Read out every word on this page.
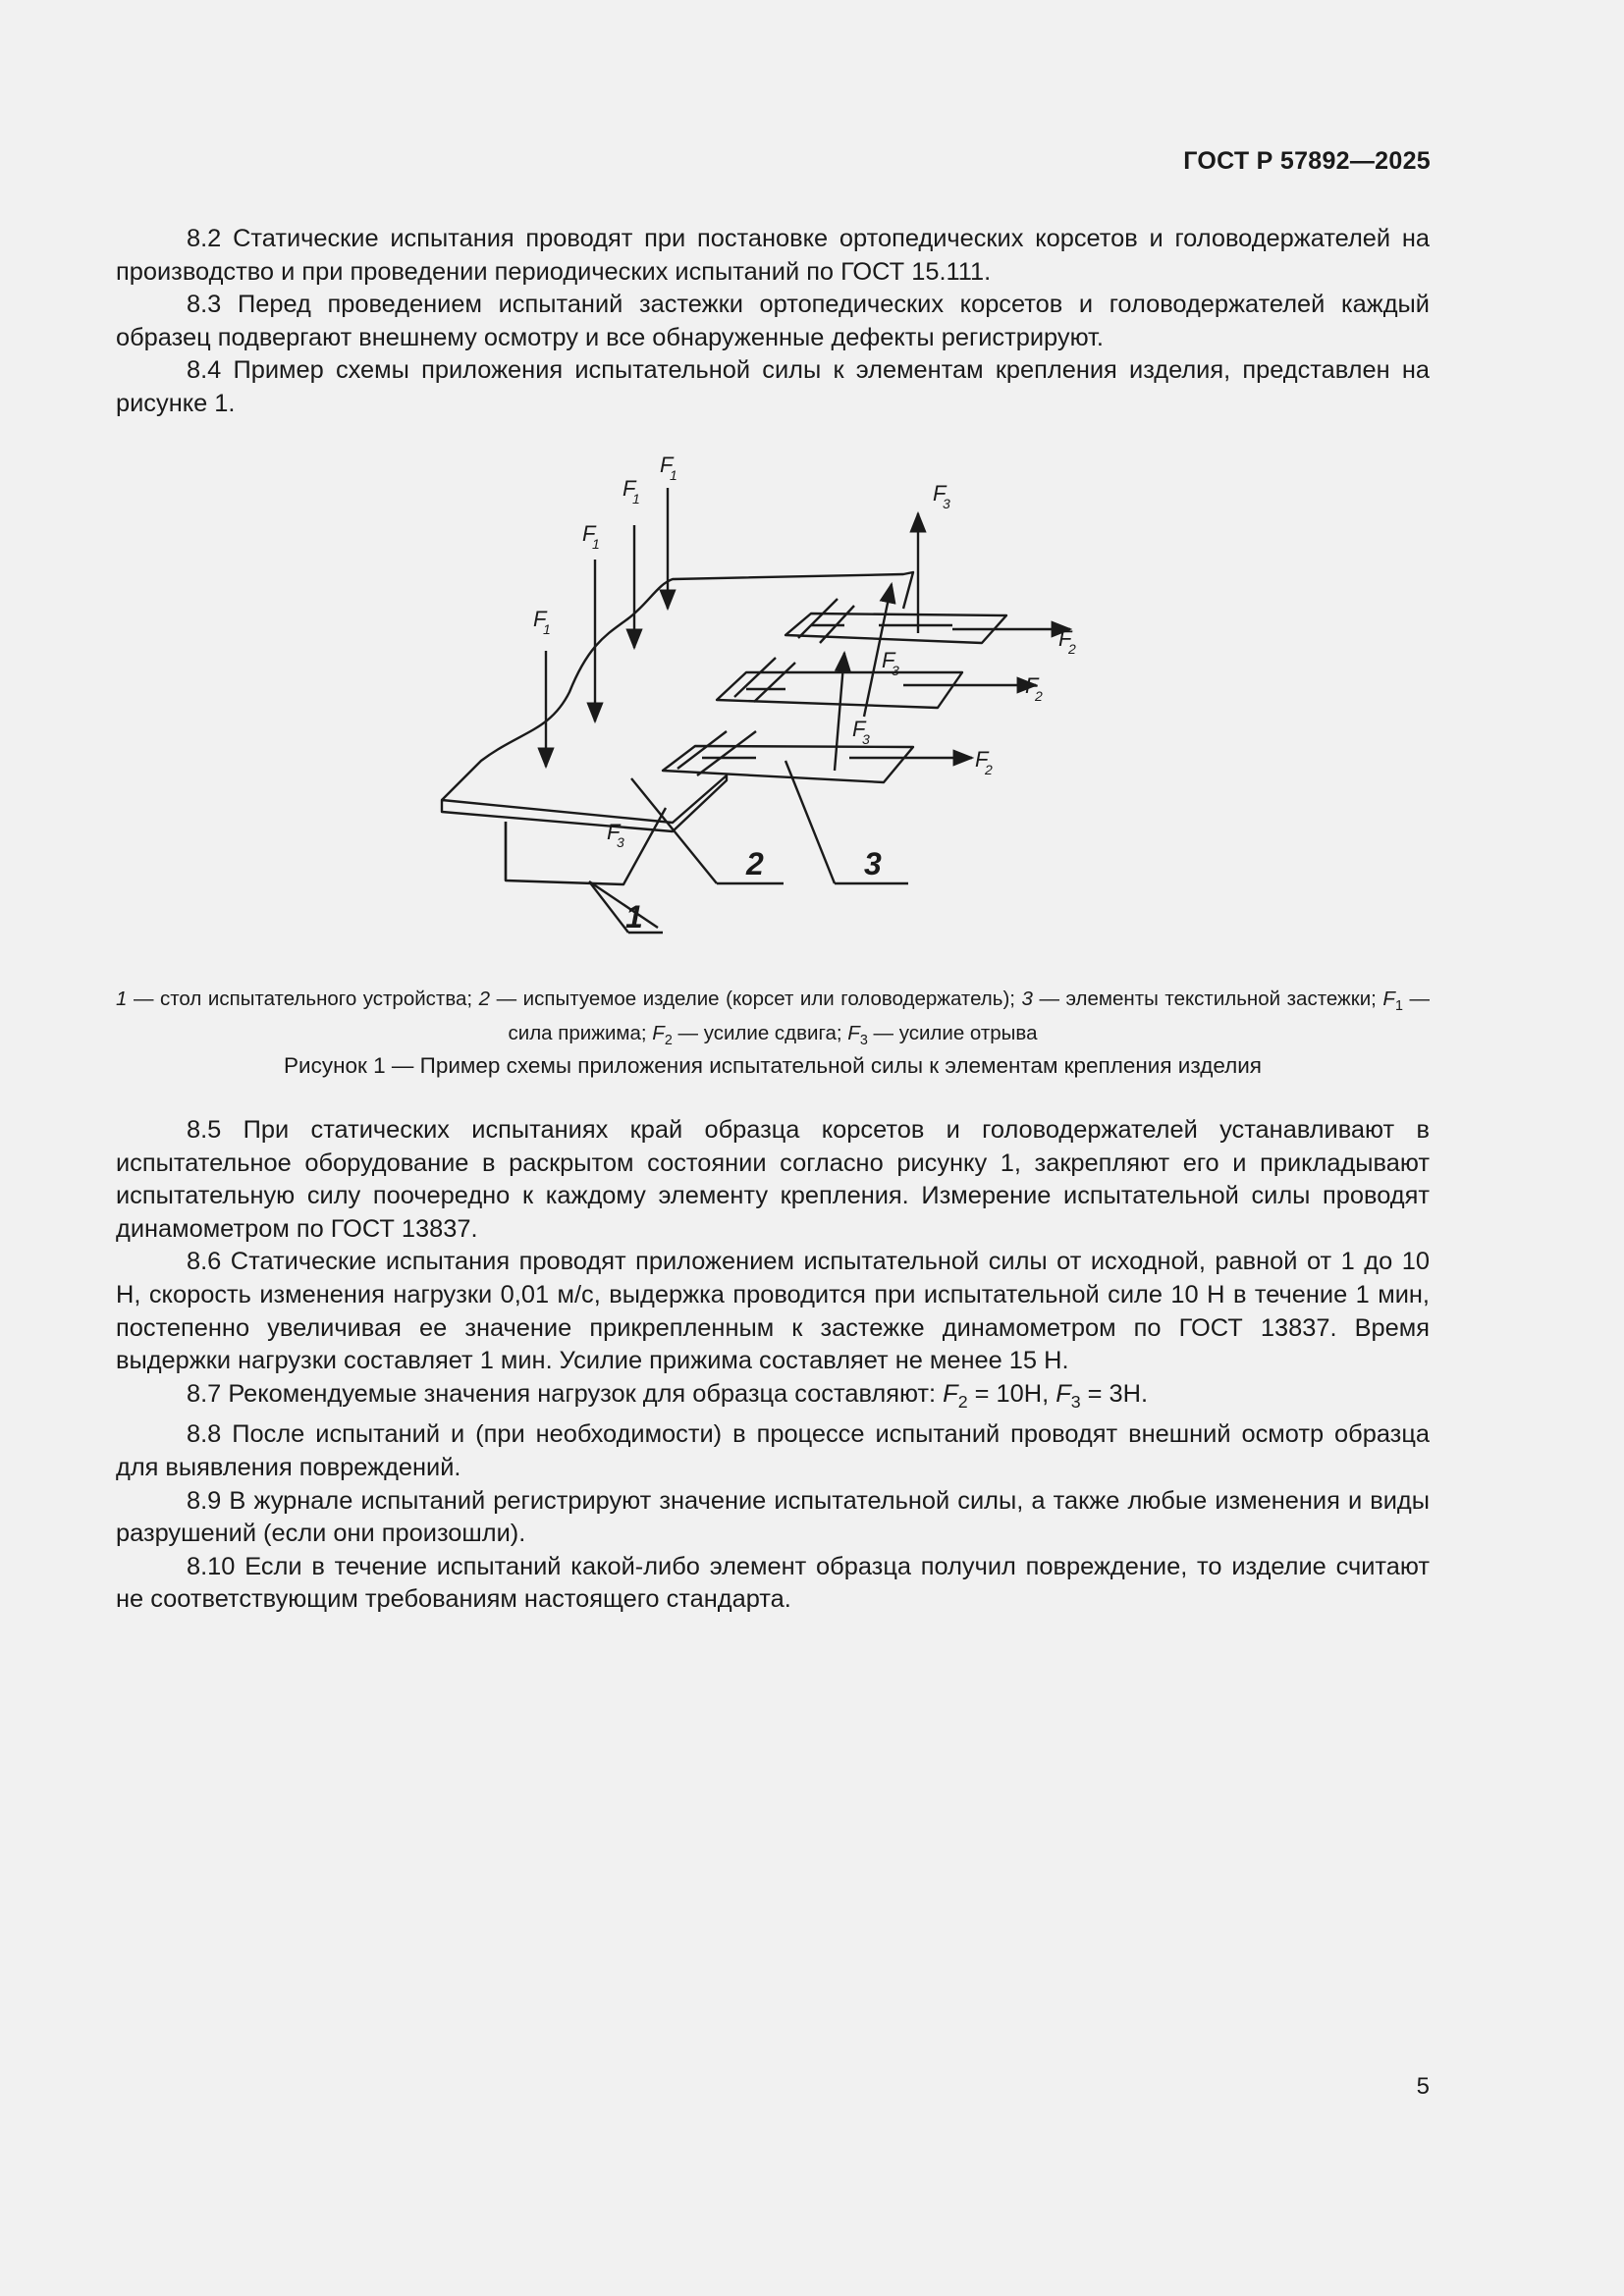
ГОСТ Р 57892—2025

8.2 Статические испытания проводят при постановке ортопедических корсетов и головодержателей на производство и при проведении периодических испытаний по ГОСТ 15.111.

8.3 Перед проведением испытаний застежки ортопедических корсетов и головодержателей каждый образец подвергают внешнему осмотру и все обнаруженные дефекты регистрируют.

8.4 Пример схемы приложения испытательной силы к элементам крепления изделия, представлен на рисунке 1.

F
1
F
1
F
1
F
1
F
3
F
3
F
3
F
3
F
2
F
2
F
2
1
2	3
1 — стол испытательного устройства; 2 — испытуемое изделие (корсет или головодержатель); 3 — элементы текстильной застежки; $F_1$ — сила прижима; $F_2$ — усилие сдвига; $F_3$ — усилие отрыва
Рисунок 1 — Пример схемы приложения испытательной силы к элементам крепления изделия

8.5 При статических испытаниях край образца корсетов и головодержателей устанавливают в испытательное оборудование в раскрытом состоянии согласно рисунку 1, закрепляют его и прикладывают испытательную силу поочередно к каждому элементу крепления. Измерение испытательной силы проводят динамометром по ГОСТ 13837.

8.6 Статические испытания проводят приложением испытательной силы от исходной, равной от 1 до 10 Н, скорость изменения нагрузки 0,01 м/с, выдержка проводится при испытательной силе 10 Н в течение 1 мин, постепенно увеличивая ее значение прикрепленным к застежке динамометром по ГОСТ 13837. Время выдержки нагрузки составляет 1 мин. Усилие прижима составляет не менее 15 Н.

8.7 Рекомендуемые значения нагрузок для образца составляют: $F_2 = 10Н$, $F_3 = 3Н$.

8.8 После испытаний и (при необходимости) в процессе испытаний проводят внешний осмотр образца для выявления повреждений.

8.9 В журнале испытаний регистрируют значение испытательной силы, а также любые изменения и виды разрушений (если они произошли).

8.10 Если в течение испытаний какой-либо элемент образца получил повреждение, то изделие считают не соответствующим требованиям настоящего стандарта.

5
